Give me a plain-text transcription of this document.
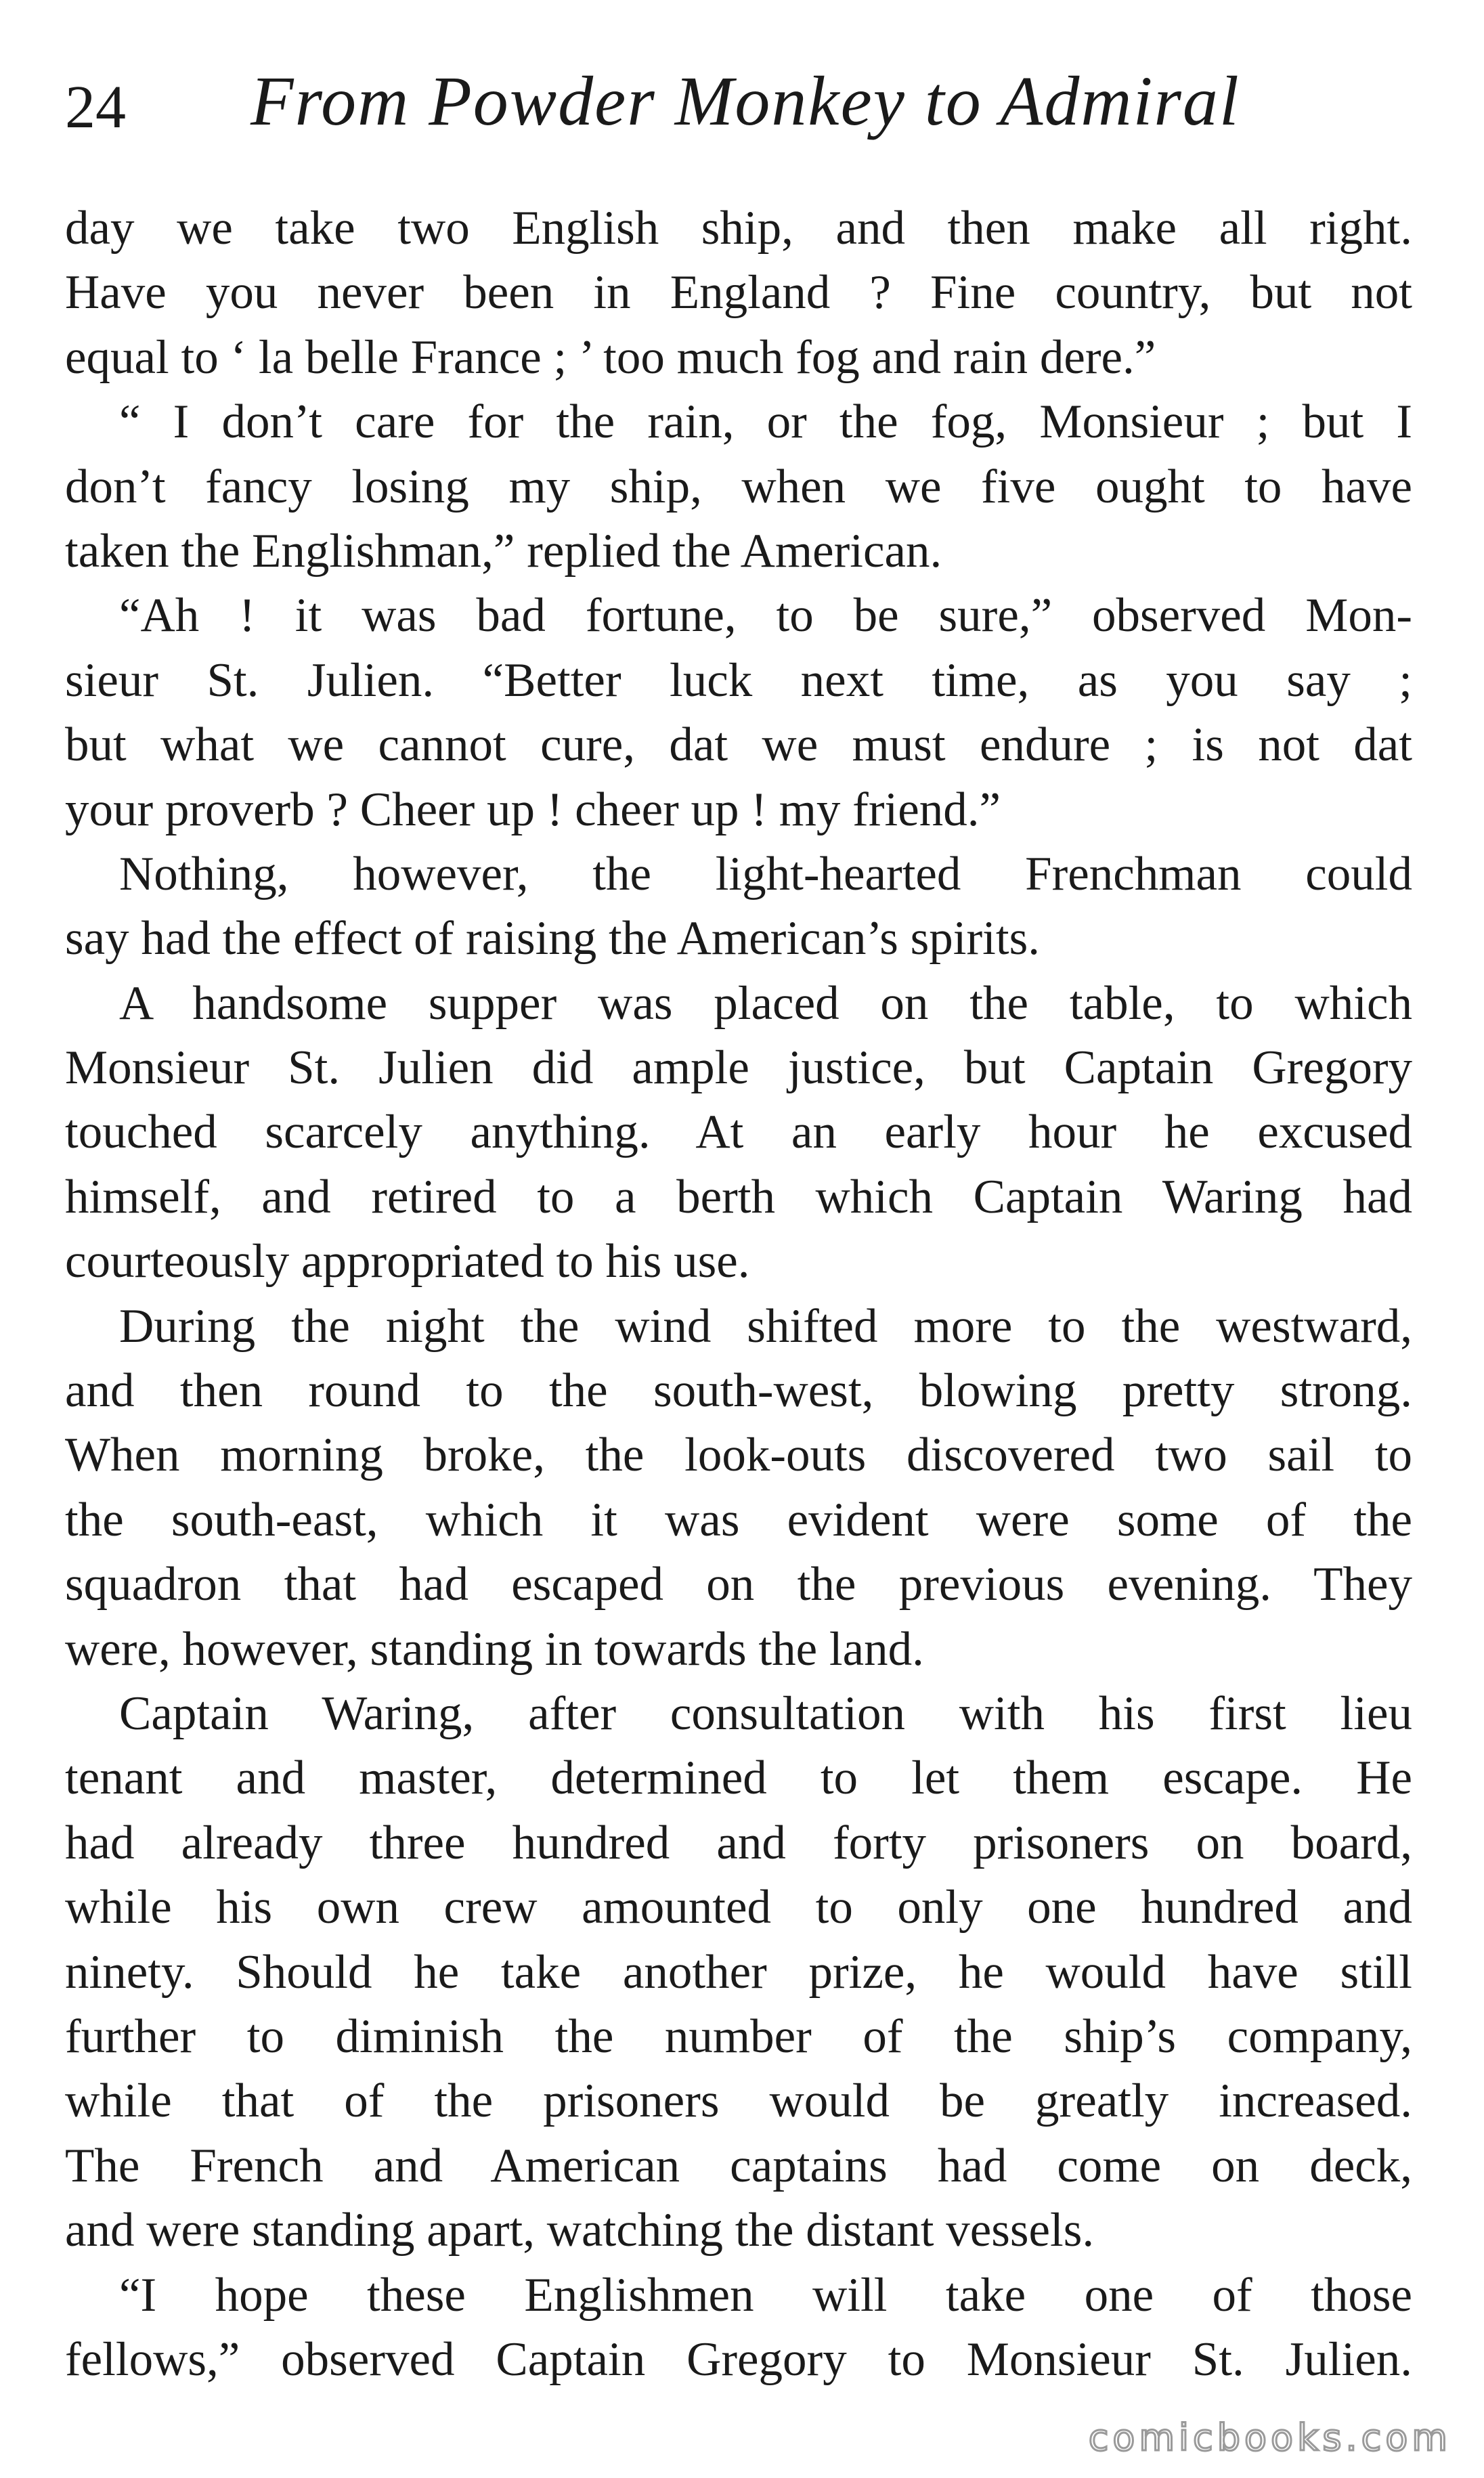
24 From Powder Monkey to Admiral
day we take two English ship, and then make all right.
Have you never been in England ? Fine country, but not
equal to ‘ la belle France ; ’ too much fog and rain dere.”
“ I don’t care for the rain, or the fog, Monsieur ; but I
don’t fancy losing my ship, when we five ought to have
taken the Englishman,” replied the American.
“Ah ! it was bad fortune, to be sure,” observed Mon-
sieur St. Julien. “Better luck next time, as you say ;
but what we cannot cure, dat we must endure ; is not dat
your proverb ? Cheer up ! cheer up ! my friend.”
Nothing, however, the light-hearted Frenchman could
say had the effect of raising the American’s spirits.
A handsome supper was placed on the table, to which
Monsieur St. Julien did ample justice, but Captain Gregory
touched scarcely anything. At an early hour he excused
himself, and retired to a berth which Captain Waring had
courteously appropriated to his use.
During the night the wind shifted more to the westward,
and then round to the south-west, blowing pretty strong.
When morning broke, the look-outs discovered two sail to
the south-east, which it was evident were some of the
squadron that had escaped on the previous evening. They
were, however, standing in towards the land.
Captain Waring, after consultation with his first lieu
tenant and master, determined to let them escape. He
had already three hundred and forty prisoners on board,
while his own crew amounted to only one hundred and
ninety. Should he take another prize, he would have still
further to diminish the number of the ship’s company,
while that of the prisoners would be greatly increased.
The French and American captains had come on deck,
and were standing apart, watching the distant vessels.
“I hope these Englishmen will take one of those
fellows,” observed Captain Gregory to Monsieur St. Julien.
comicbooks.com
